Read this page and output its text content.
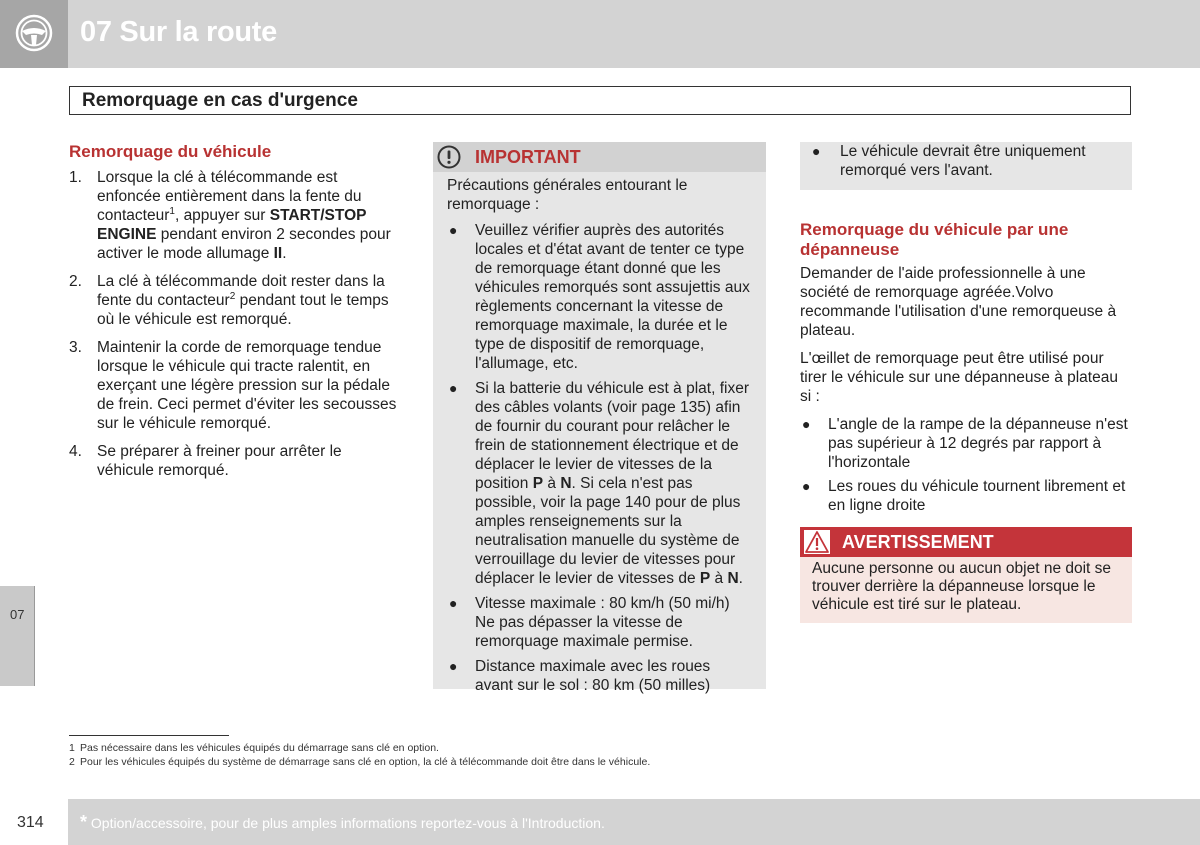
07 Sur la route
07
Remorquage en cas d'urgence
Remorquage du véhicule
1. Lorsque la clé à télécommande est enfoncée entièrement dans la fente du contacteur$^1$, appuyer sur START/STOP ENGINE pendant environ 2 secondes pour activer le mode allumage II.
2. La clé à télécommande doit rester dans la fente du contacteur$^2$ pendant tout le temps où le véhicule est remorqué.
3. Maintenir la corde de remorquage tendue lorsque le véhicule qui tracte ralentit, en exerçant une légère pression sur la pédale de frein. Ceci permet d'éviter les secousses sur le véhicule remorqué.
4. Se préparer à freiner pour arrêter le véhicule remorqué.
IMPORTANT

Précautions générales entourant le remorquage :

● Veuillez vérifier auprès des autorités locales et d'état avant de tenter ce type de remorquage étant donné que les véhicules remorqués sont assujettis aux règlements concernant la vitesse de remorquage maximale, la durée et le type de dispositif de remorquage, l'allumage, etc.
● Si la batterie du véhicule est à plat, fixer des câbles volants (voir page 135) afin de fournir du courant pour relâcher le frein de stationnement électrique et de déplacer le levier de vitesses de la position P à N. Si cela n'est pas possible, voir la page 140 pour de plus amples renseignements sur la neutralisation manuelle du système de verrouillage du levier de vitesses pour déplacer le levier de vitesses de P à N.
● Vitesse maximale : 80 km/h (50 mi/h) Ne pas dépasser la vitesse de remorquage maximale permise.
● Distance maximale avec les roues avant sur le sol : 80 km (50 milles)
● Le véhicule devrait être uniquement remorqué vers l'avant.
Remorquage du véhicule par une dépanneuse

Demander de l'aide professionnelle à une société de remorquage agréée.Volvo recommande l'utilisation d'une remorqueuse à plateau.

L'œillet de remorquage peut être utilisé pour tirer le véhicule sur une dépanneuse à plateau si :

● L'angle de la rampe de la dépanneuse n'est pas supérieur à 12 degrés par rapport à l'horizontale
● Les roues du véhicule tournent librement et en ligne droite
AVERTISSEMENT
Aucune personne ou aucun objet ne doit se trouver derrière la dépanneuse lorsque le véhicule est tiré sur le plateau.
1 Pas nécessaire dans les véhicules équipés du démarrage sans clé en option.
2 Pour les véhicules équipés du système de démarrage sans clé en option, la clé à télécommande doit être dans le véhicule.
314 * Option/accessoire, pour de plus amples informations reportez-vous à l'Introduction.
